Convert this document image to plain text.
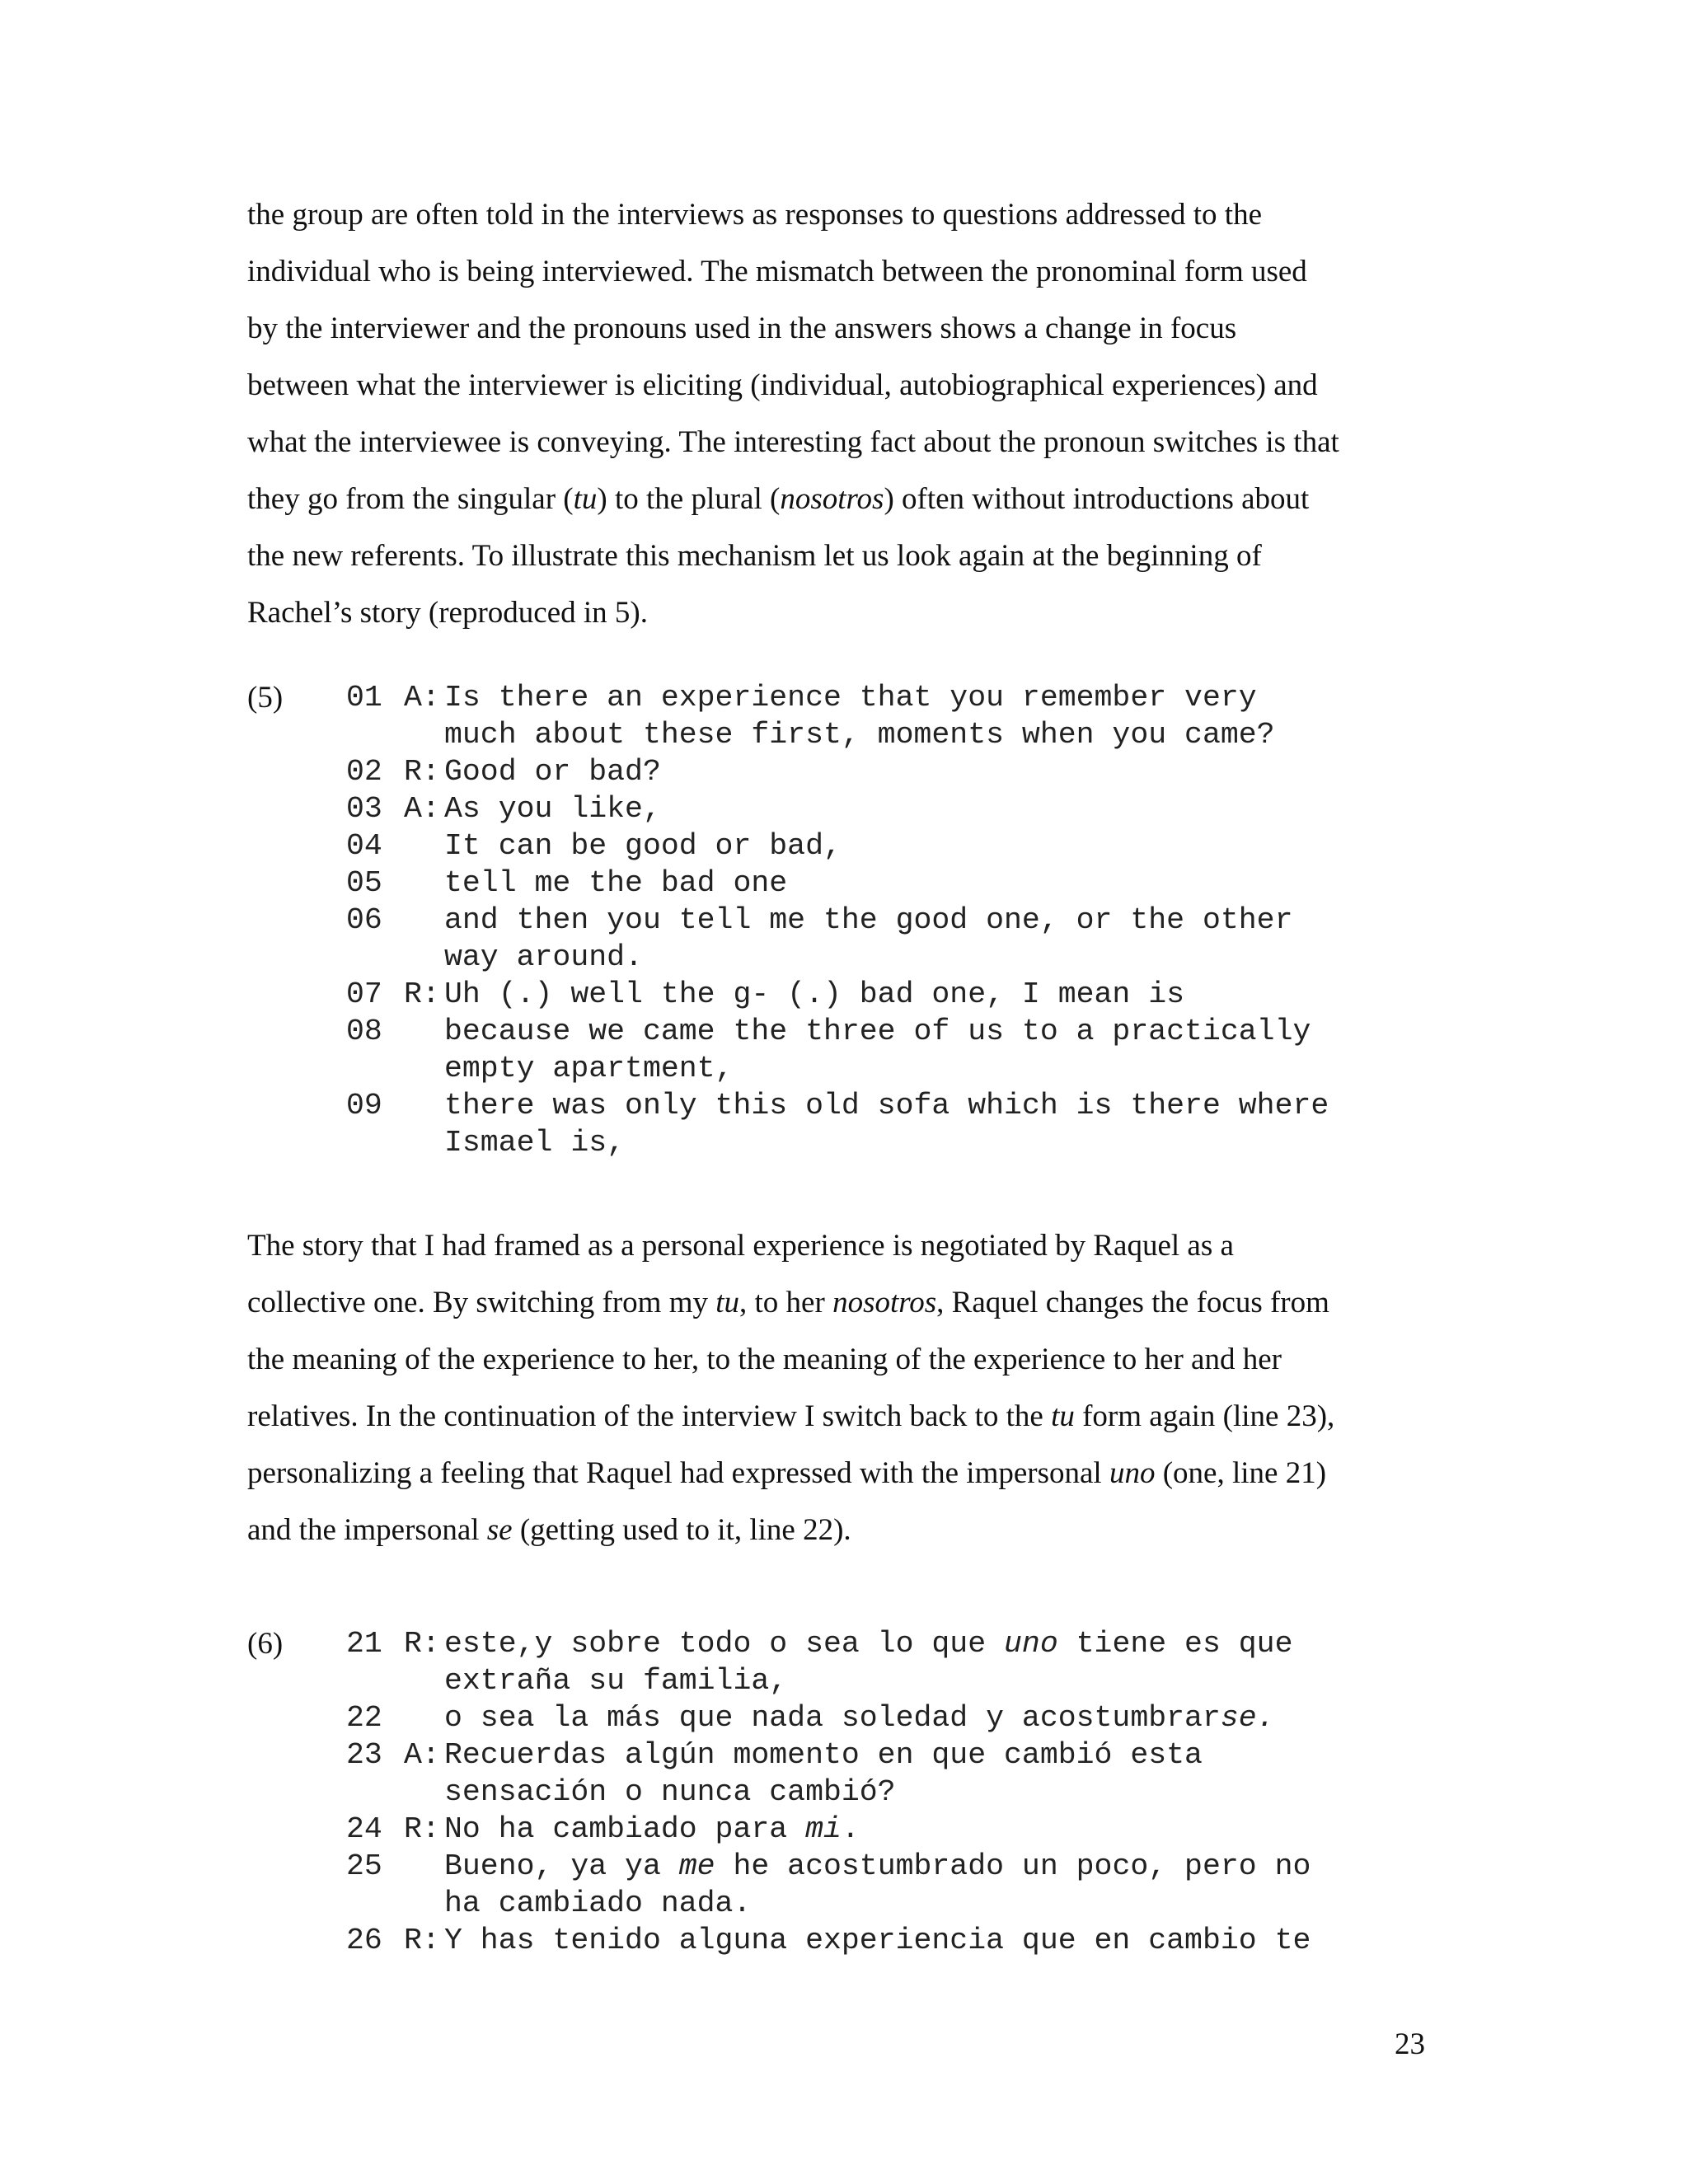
the group are often told in the interviews as responses to questions addressed to the
individual who is being interviewed. The mismatch between the pronominal form used
by the interviewer and the pronouns used in the answers shows a change in focus
between what the interviewer is eliciting (individual, autobiographical experiences) and
what the interviewee is conveying. The interesting fact about the pronoun switches is that
they go from the singular (tu) to the plural (nosotros) often without introductions about
the new referents. To illustrate this mechanism let us look again at the beginning of
Rachel’s story (reproduced in 5).
(5) 01 A: Is there an experience that you remember very
much about these first, moments when you came?
02 R: Good or bad?
03 A: As you like,
04 It can be good or bad,
05 tell me the bad one
06 and then you tell me the good one, or the other
way around.
07 R: Uh (.) well the g- (.) bad one, I mean is
08 because we came the three of us to a practically
empty apartment,
09 there was only this old sofa which is there where
Ismael is,
The story that I had framed as a personal experience is negotiated by Raquel as a
collective one. By switching from my tu, to her nosotros, Raquel changes the focus from
the meaning of the experience to her, to the meaning of the experience to her and her
relatives. In the continuation of the interview I switch back to the tu form again (line 23),
personalizing a feeling that Raquel had expressed with the impersonal uno (one, line 21)
and the impersonal se (getting used to it, line 22).
(6) 21 R: este,y sobre todo o sea lo que uno tiene es que
extraña su familia,
22 o sea la más que nada soledad y acostumbrarse.
23 A: Recuerdas algún momento en que cambió esta
sensación o nunca cambió?
24 R: No ha cambiado para mi.
25 Bueno, ya ya me he acostumbrado un poco, pero no
ha cambiado nada.
26 R: Y has tenido alguna experiencia que en cambio te
23
